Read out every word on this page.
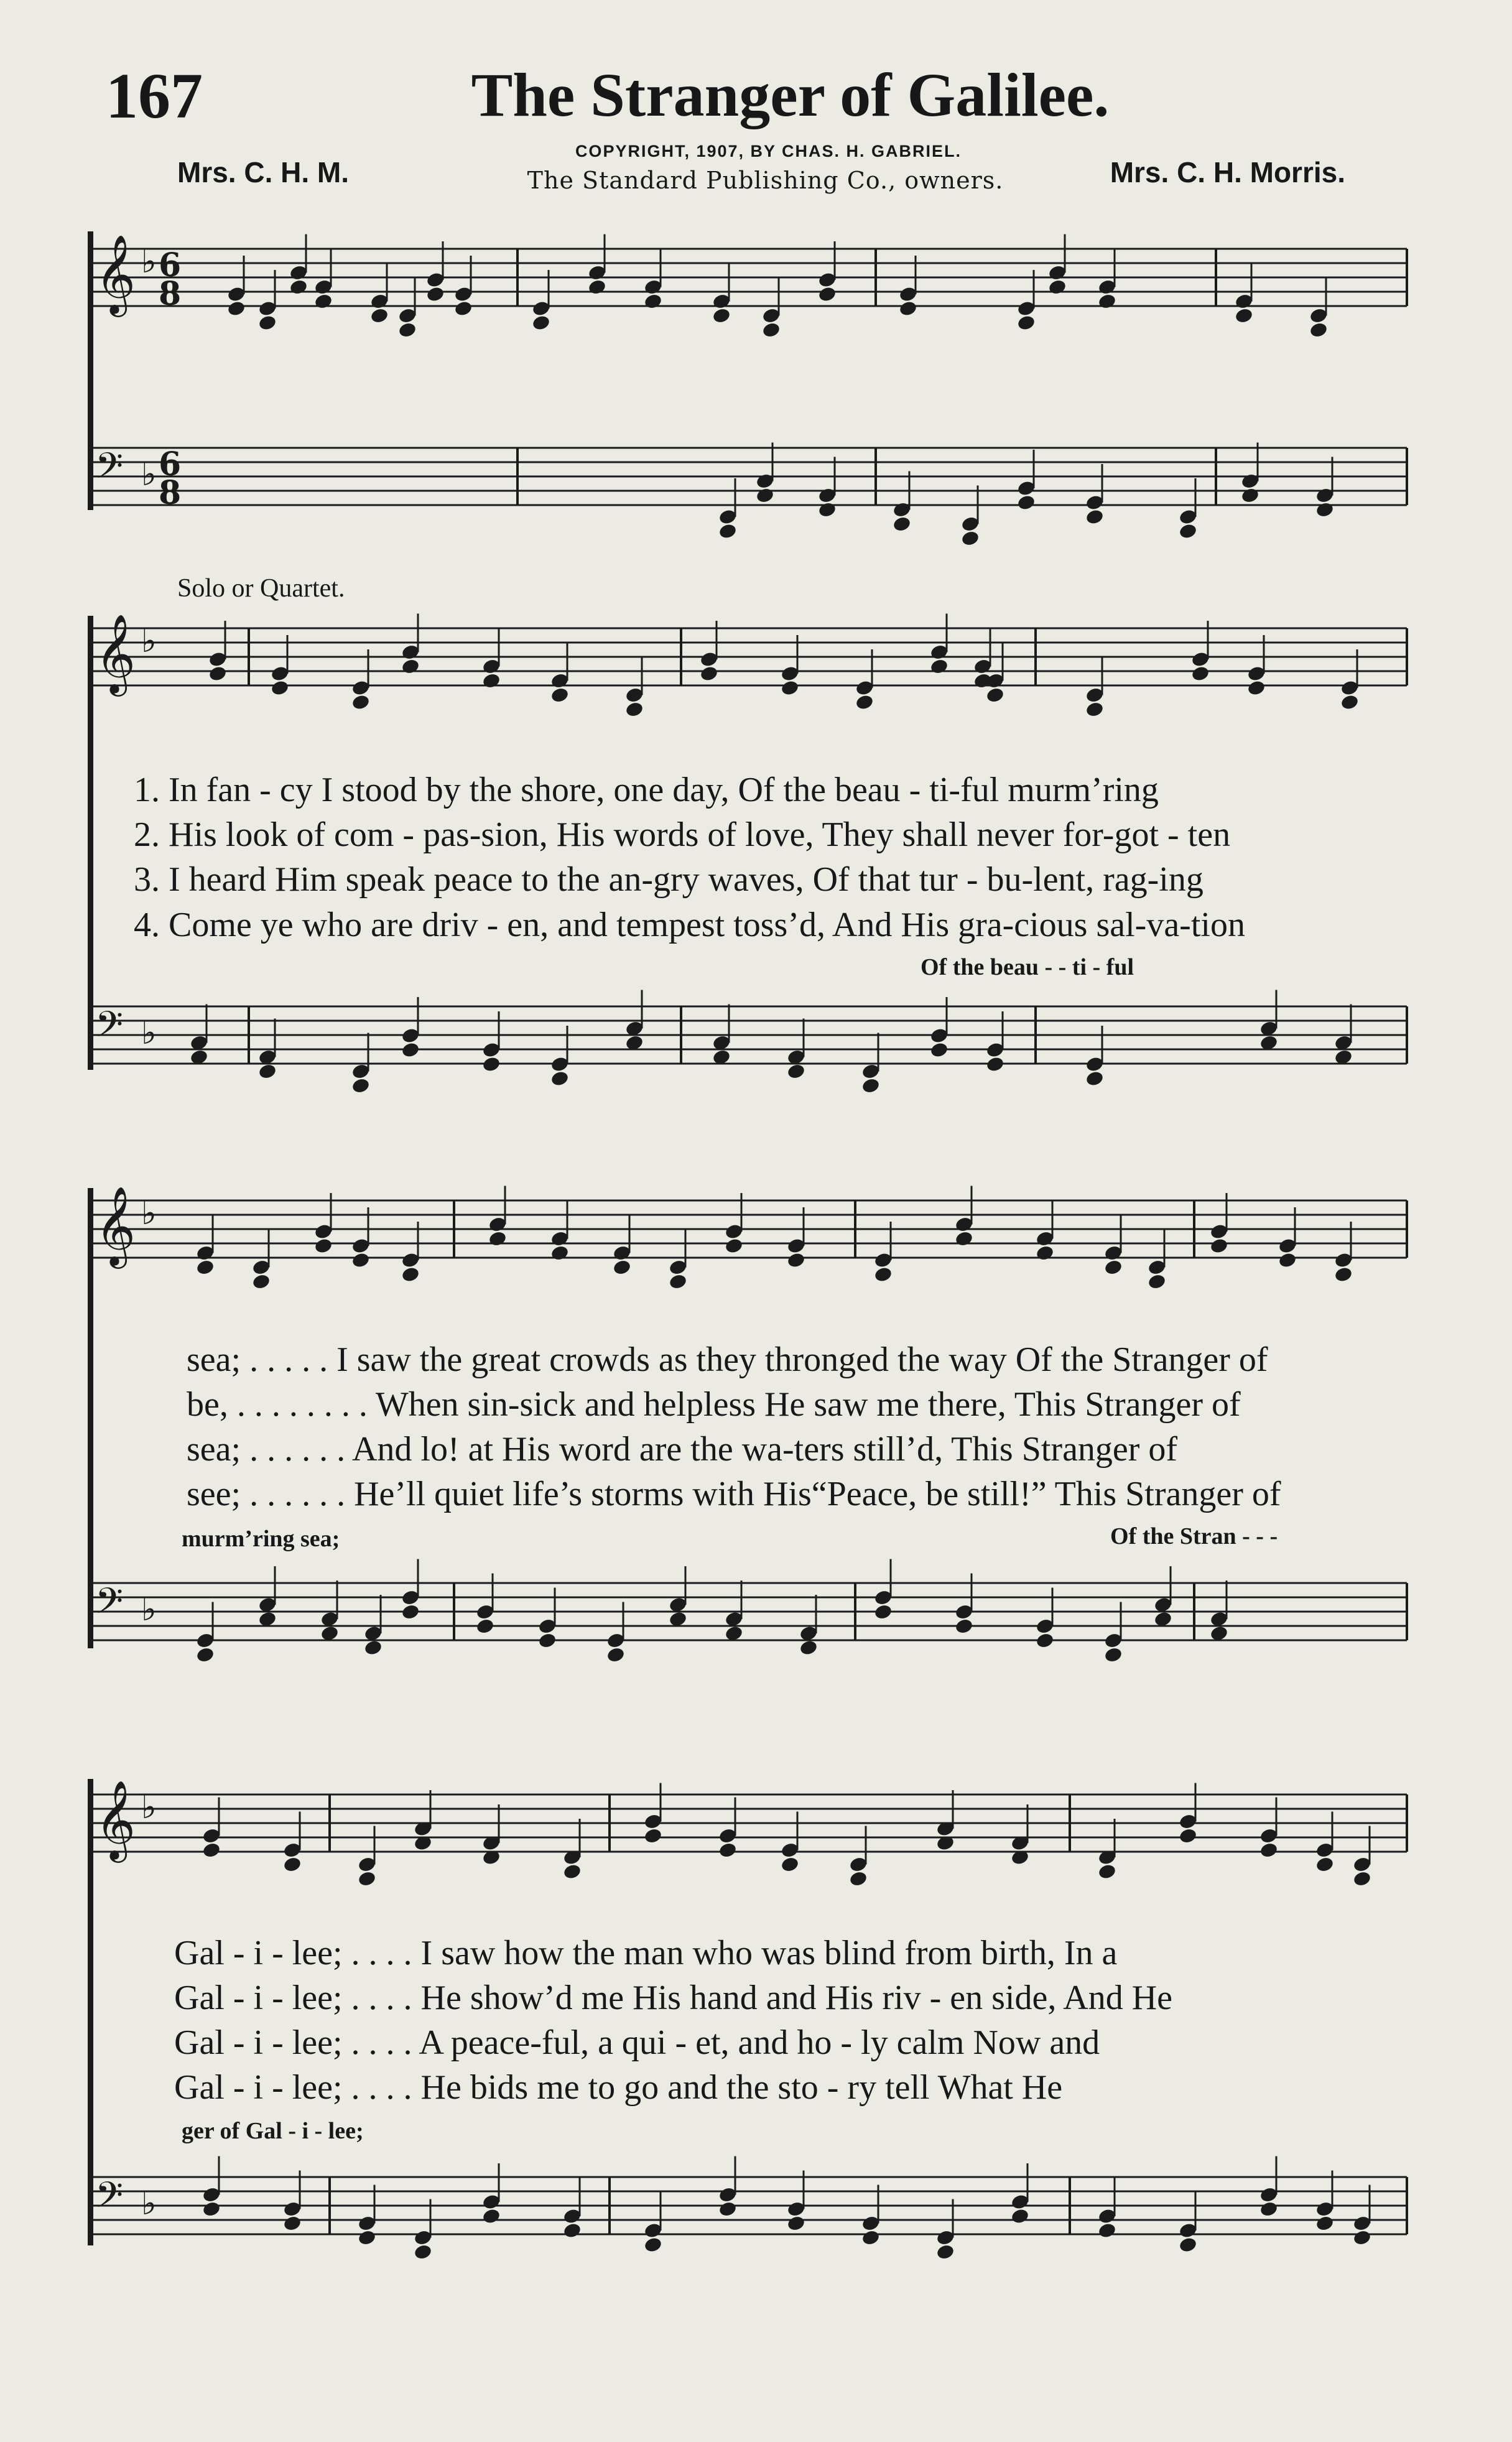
167	The Stranger of Galilee.
COPYRIGHT, 1907, BY CHAS. H. GABRIEL.
The Standard Publishing Co., owners.
Mrs. C. H. M.	Mrs. C. H. Morris.
Solo or Quartet.
1. In fan - cy I stood by the shore, one day, Of the beau - ti-ful murm’ring
2. His look of com - pas-sion, His words of love, They shall never for-got - ten
3. I heard Him speak peace to the an-gry waves, Of that tur - bu-lent, rag-ing
4. Come ye who are driv - en, and tempest toss’d, And His gra-cious sal-va-tion
Of the beau - - ti - ful
sea; . . . . . I saw the great crowds as they thronged the way Of the Stranger of
be, . . . . . . . . When sin-sick and helpless He saw me there, This Stranger of
sea; . . . . . . And lo! at His word are the wa-ters still’d, This Stranger of
see; . . . . . . He’ll quiet life’s storms with His“Peace, be still!” This Stranger of
murm’ring sea;	Of the Stran - - -
Gal - i - lee; . . . . I saw how the man who was blind from birth, In a
Gal - i - lee; . . . . He show’d me His hand and His riv - en side, And He
Gal - i - lee; . . . . A peace-ful, a qui - et, and ho - ly calm Now and
Gal - i - lee; . . . . He bids me to go and the sto - ry tell What He
ger of Gal - i - lee;
𝄞 ♭
𝄢 ♭
6
8
6
8
𝄞 ♭
𝄢 ♭
𝄞 ♭
𝄢 ♭
𝄞 ♭
𝄢 ♭
